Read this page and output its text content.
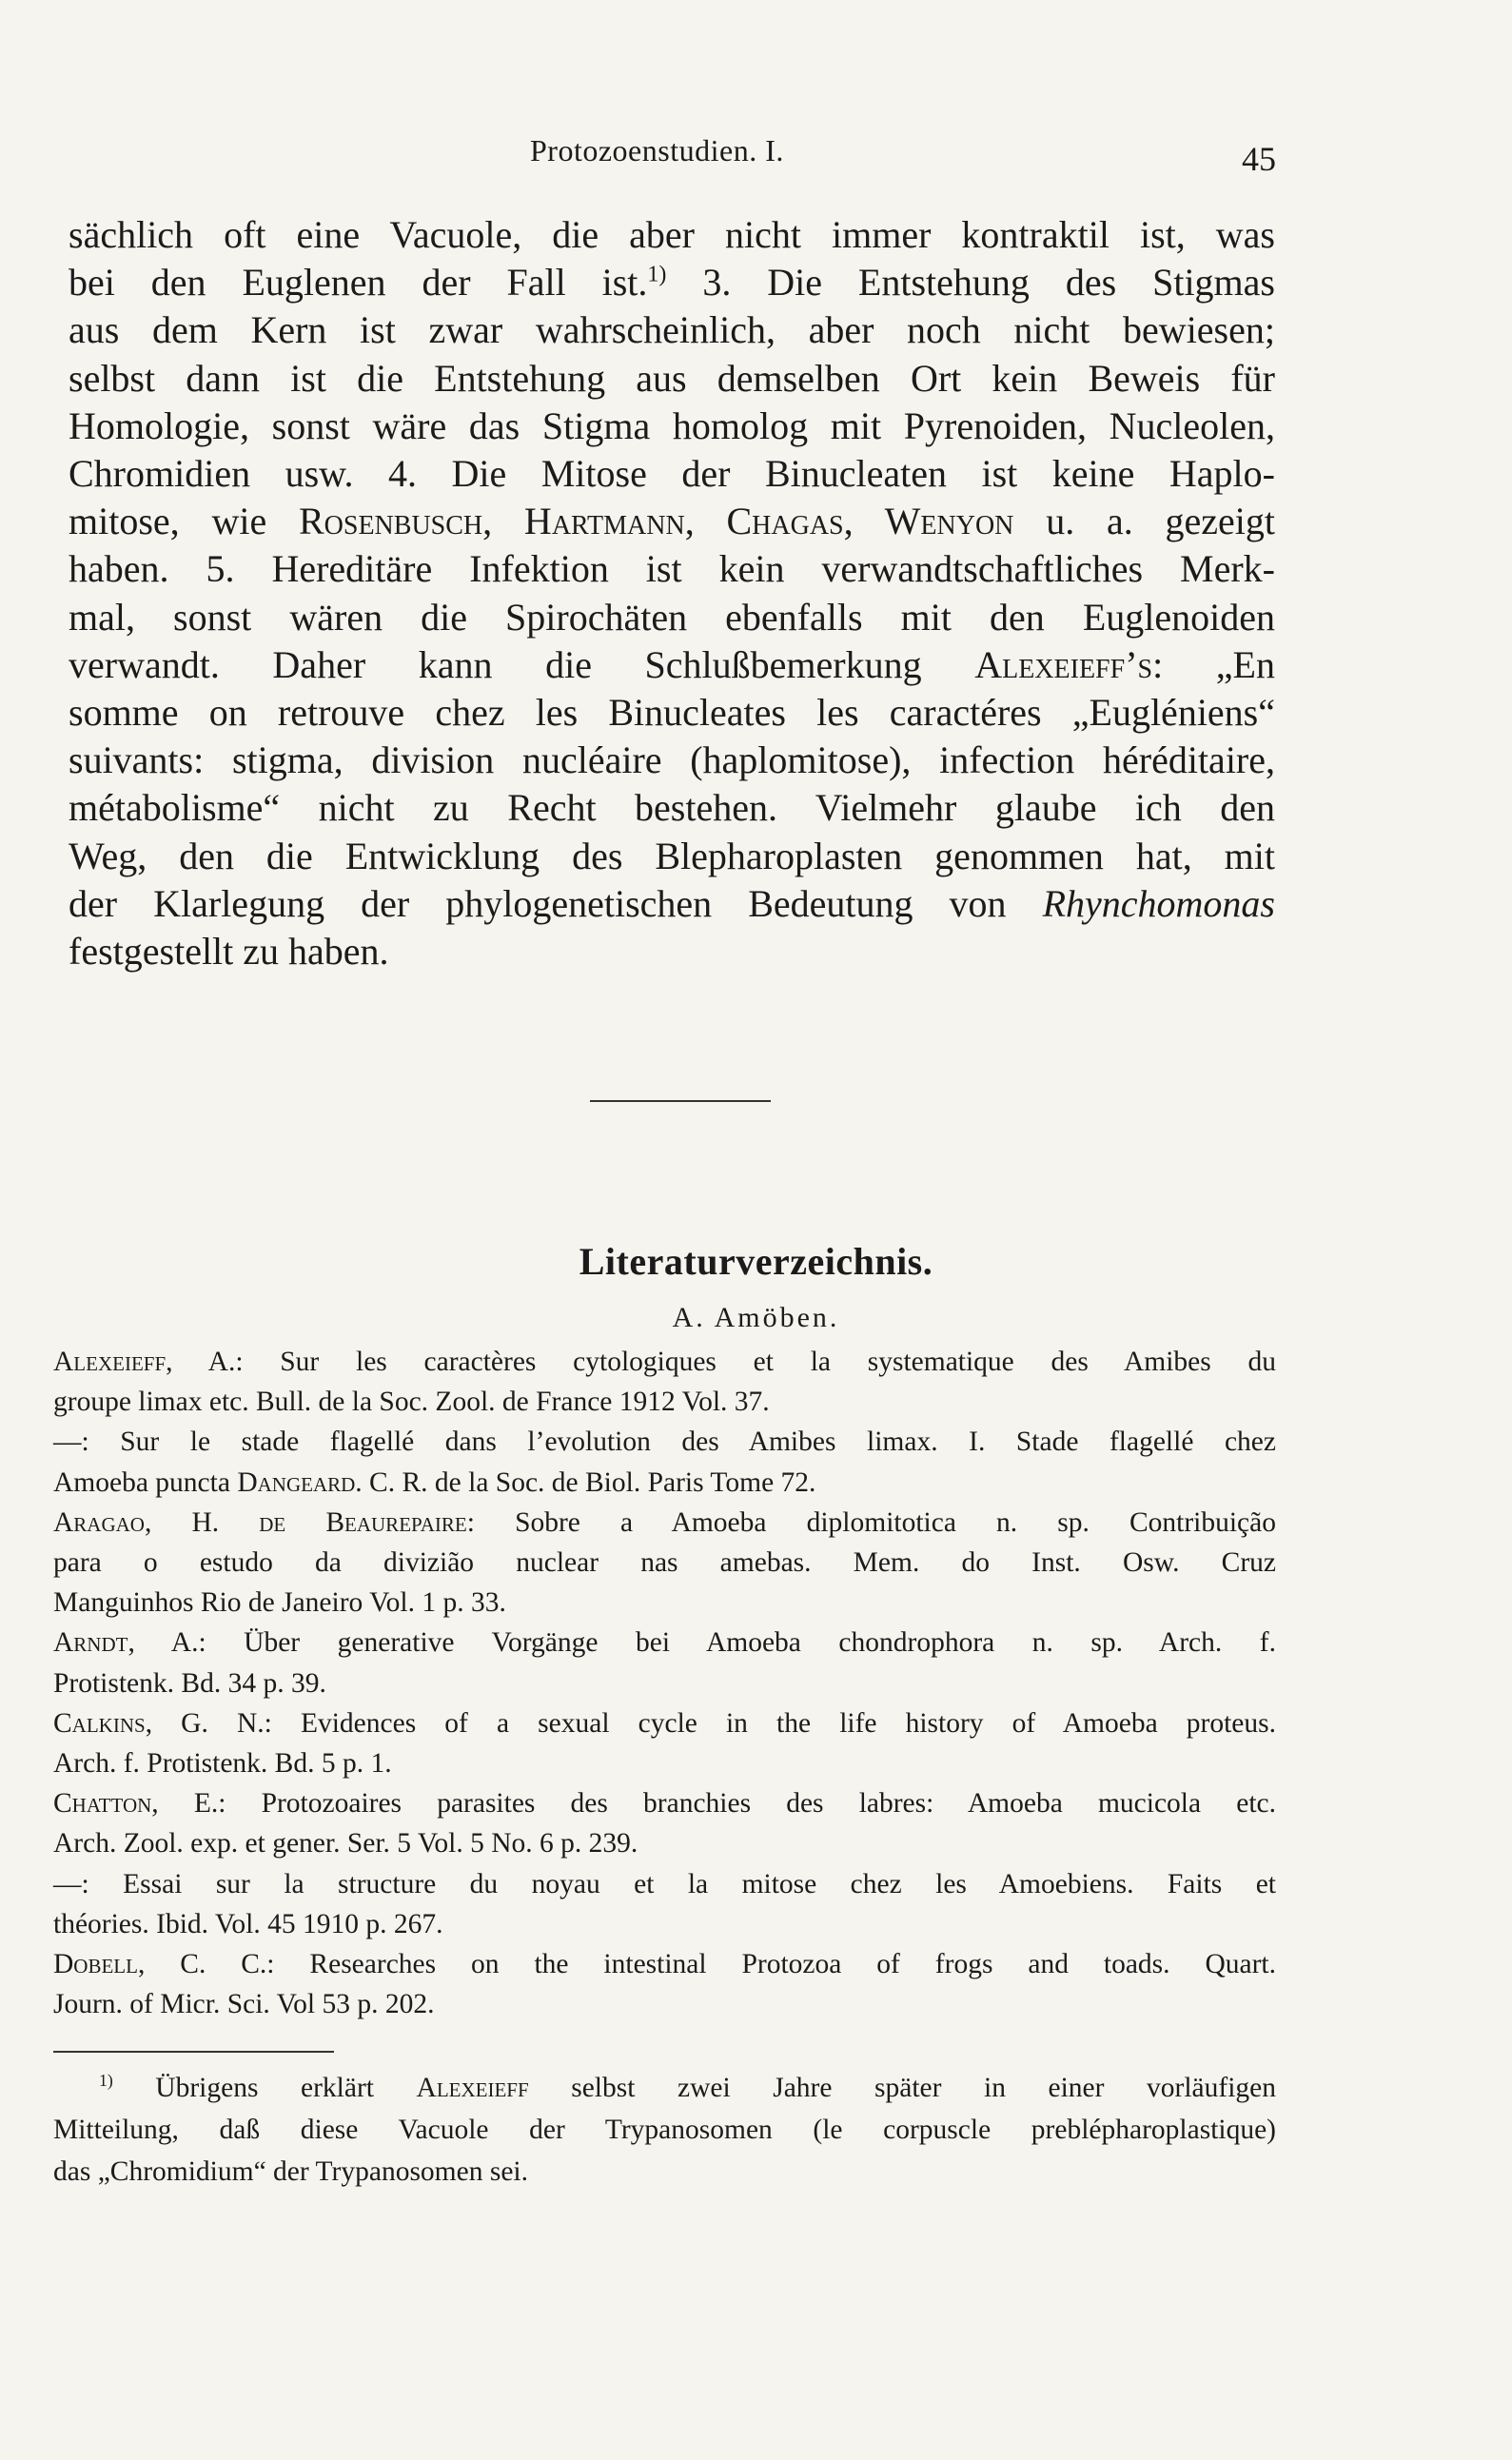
Protozoenstudien. I.	45
sächlich oft eine Vacuole, die aber nicht immer kontraktil ist, was
bei den Euglenen der Fall ist.$^{1)}$ 3. Die Entstehung des Stigmas
aus dem Kern ist zwar wahrscheinlich, aber noch nicht bewiesen;
selbst dann ist die Entstehung aus demselben Ort kein Beweis für
Homologie, sonst wäre das Stigma homolog mit Pyrenoiden, Nucleolen,
Chromidien usw. 4. Die Mitose der Binucleaten ist keine Haplo-
mitose, wie Rosenbusch, Hartmann, Chagas, Wenyon u. a. gezeigt
haben. 5. Hereditäre Infektion ist kein verwandtschaftliches Merk-
mal, sonst wären die Spirochäten ebenfalls mit den Euglenoiden
verwandt. Daher kann die Schlußbemerkung Alexeieff’s: „En
somme on retrouve chez les Binucleates les caractéres „Eugléniens“
suivants: stigma, division nucléaire (haplomitose), infection héréditaire,
métabolisme“ nicht zu Recht bestehen. Vielmehr glaube ich den
Weg, den die Entwicklung des Blepharoplasten genommen hat, mit
der Klarlegung der phylogenetischen Bedeutung von Rhynchomonas
festgestellt zu haben.
Literaturverzeichnis.
A. Amöben.
Alexeieff, A.: Sur les caractères cytologiques et la systematique des Amibes du
groupe limax etc. Bull. de la Soc. Zool. de France 1912 Vol. 37.
—: Sur le stade flagellé dans l’evolution des Amibes limax. I. Stade flagellé chez
Amoeba puncta Dangeard. C. R. de la Soc. de Biol. Paris Tome 72.
Aragao, H. de Beaurepaire: Sobre a Amoeba diplomitotica n. sp. Contribuição
para o estudo da divizião nuclear nas amebas. Mem. do Inst. Osw. Cruz
Manguinhos Rio de Janeiro Vol. 1 p. 33.
Arndt, A.: Über generative Vorgänge bei Amoeba chondrophora n. sp. Arch. f.
Protistenk. Bd. 34 p. 39.
Calkins, G. N.: Evidences of a sexual cycle in the life history of Amoeba proteus.
Arch. f. Protistenk. Bd. 5 p. 1.
Chatton, E.: Protozoaires parasites des branchies des labres: Amoeba mucicola etc.
Arch. Zool. exp. et gener. Ser. 5 Vol. 5 No. 6 p. 239.
—: Essai sur la structure du noyau et la mitose chez les Amoebiens. Faits et
théories. Ibid. Vol. 45 1910 p. 267.
Dobell, C. C.: Researches on the intestinal Protozoa of frogs and toads. Quart.
Journ. of Micr. Sci. Vol 53 p. 202.
$^{1)}$ Übrigens erklärt Alexeieff selbst zwei Jahre später in einer vorläufigen
Mitteilung, daß diese Vacuole der Trypanosomen (le corpuscle preblépharoplastique)
das „Chromidium“ der Trypanosomen sei.
